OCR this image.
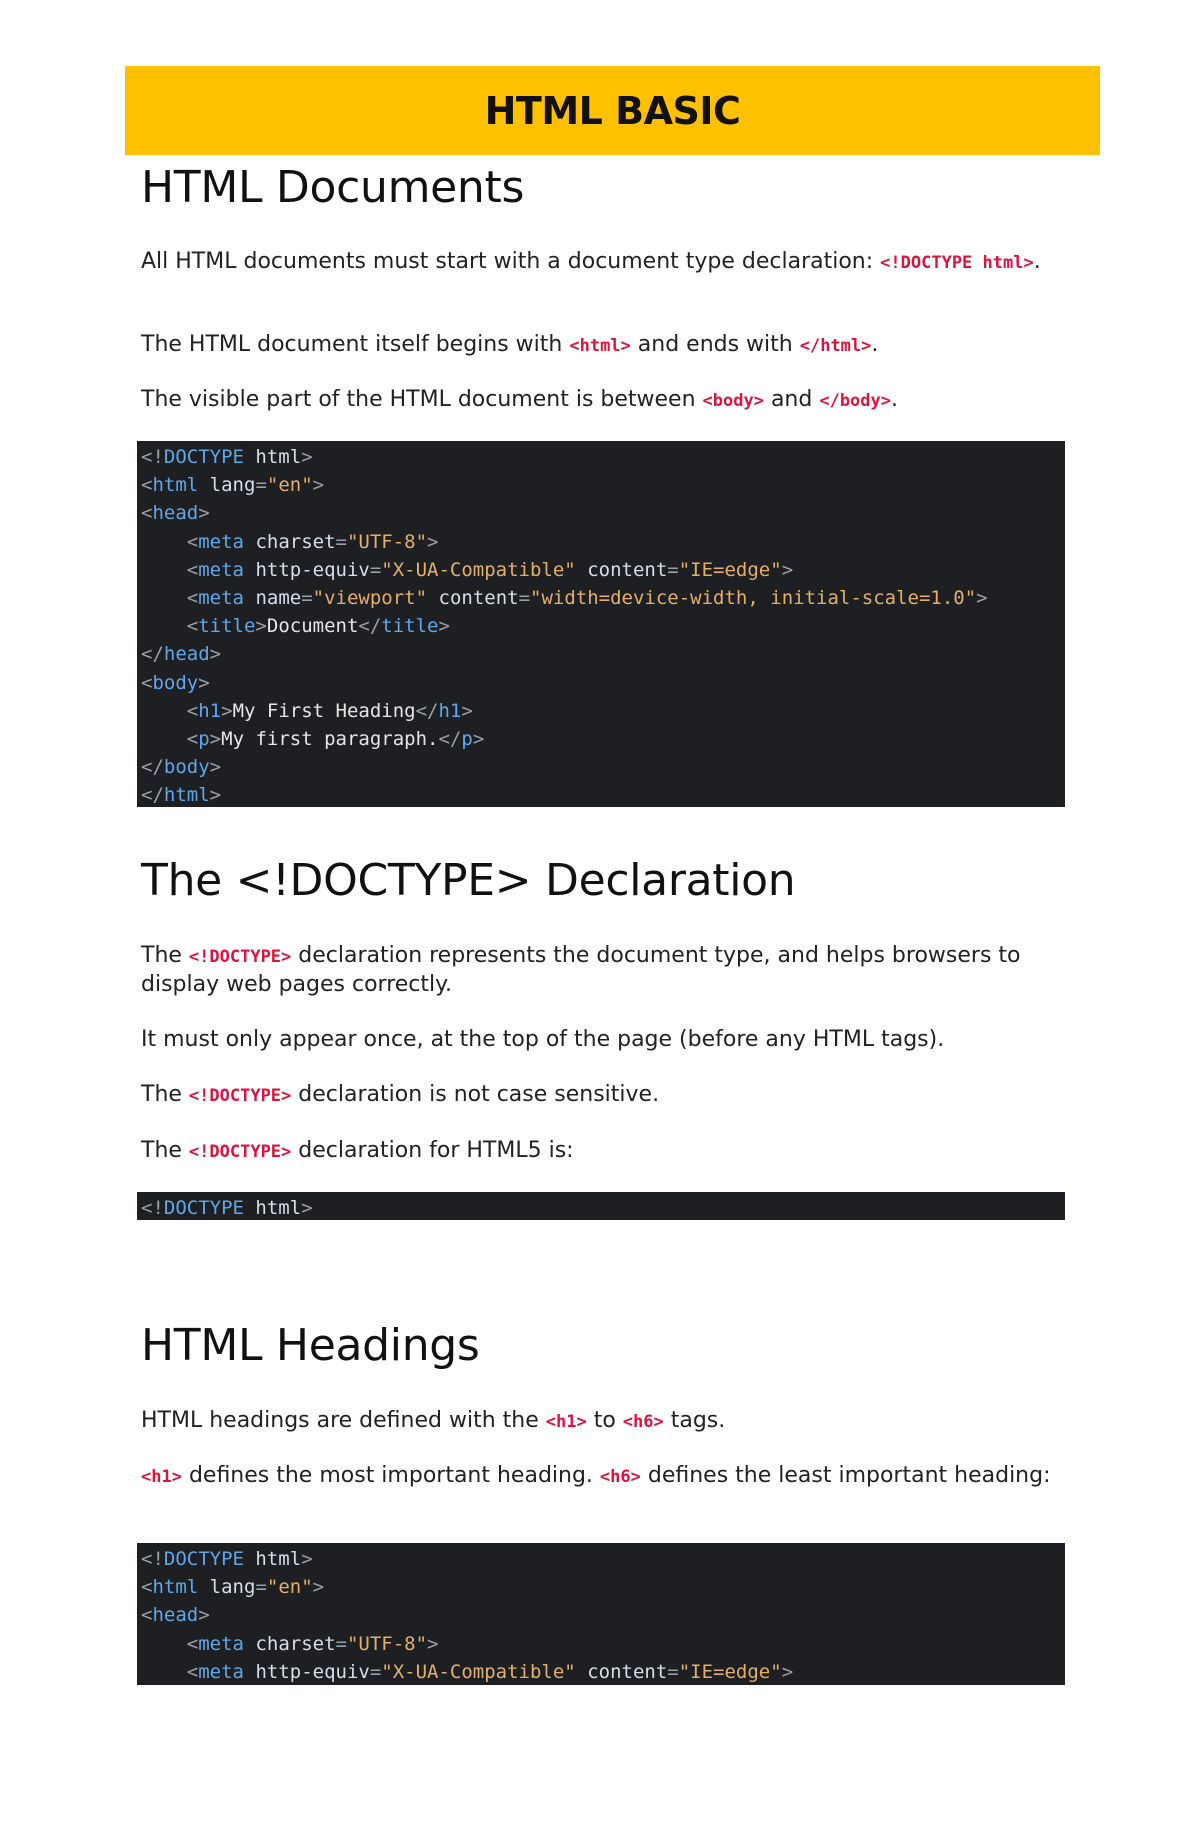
HTML BASIC
HTML Documents

All HTML documents must start with a document type declaration: <!DOCTYPE html>.

The HTML document itself begins with <html> and ends with </html>.

The visible part of the HTML document is between <body> and </body>.

<!DOCTYPE html>
<html lang="en">
<head>
<meta charset="UTF-8">
<meta http-equiv="X-UA-Compatible" content="IE=edge">
<meta name="viewport" content="width=device-width, initial-scale=1.0">
<title>Document</title>
</head>
<body>
<h1>My First Heading</h1>
<p>My first paragraph.</p>
</body>
</html>
The <!DOCTYPE> Declaration

The <!DOCTYPE> declaration represents the document type, and helps browsers to display web pages correctly.

It must only appear once, at the top of the page (before any HTML tags).

The <!DOCTYPE> declaration is not case sensitive.

The <!DOCTYPE> declaration for HTML5 is:

<!DOCTYPE html>
HTML Headings

HTML headings are defined with the <h1> to <h6> tags.

<h1> defines the most important heading. <h6> defines the least important heading:

<!DOCTYPE html>
<html lang="en">
<head>
<meta charset="UTF-8">
<meta http-equiv="X-UA-Compatible" content="IE=edge">
